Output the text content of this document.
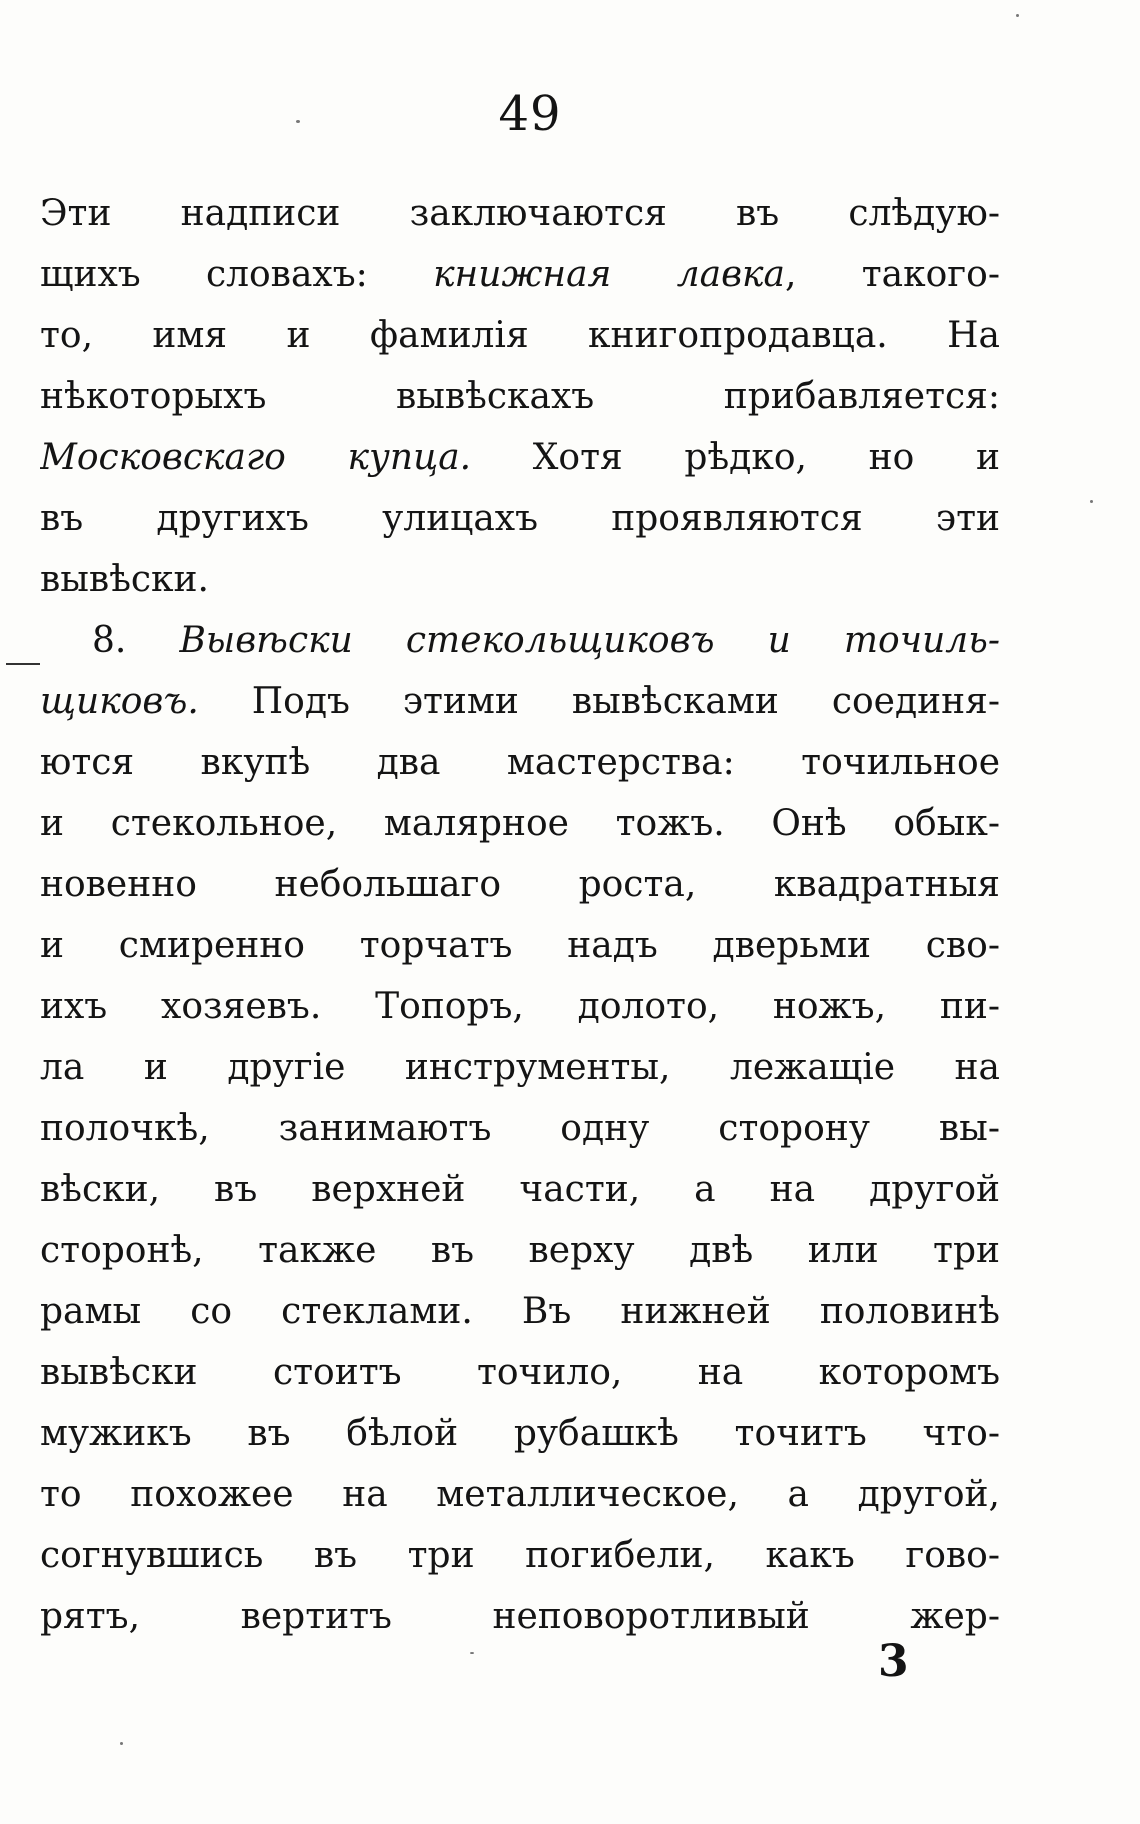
49
Эти надписи заключаются въ слѣдую-
щихъ словахъ: книжная лавка, такого-
то, имя и фамилія книгопродавца. На
нѣкоторыхъ вывѣскахъ прибавляется:
Московскаго купца. Хотя рѣдко, но и
въ другихъ улицахъ проявляются эти
вывѣски.
8. Вывѣски стекольщиковъ и точиль-
щиковъ. Подъ этими вывѣсками соединя-
ются вкупѣ два мастерства: точильное
и стекольное, малярное тожъ. Онѣ обык-
новенно небольшаго роста, квадратныя
и смиренно торчатъ надъ дверьми сво-
ихъ хозяевъ. Топоръ, долото, ножъ, пи-
ла и другіе инструменты, лежащіе на
полочкѣ, занимаютъ одну сторону вы-
вѣски, въ верхней части, а на другой
сторонѣ, также въ верху двѣ или три
рамы со стеклами. Въ нижней половинѣ
вывѣски стоитъ точило, на которомъ
мужикъ въ бѣлой рубашкѣ точитъ что-
то похожее на металлическое, а другой,
согнувшись въ три погибели, какъ гово-
рятъ, вертитъ неповоротливый жер-
3
